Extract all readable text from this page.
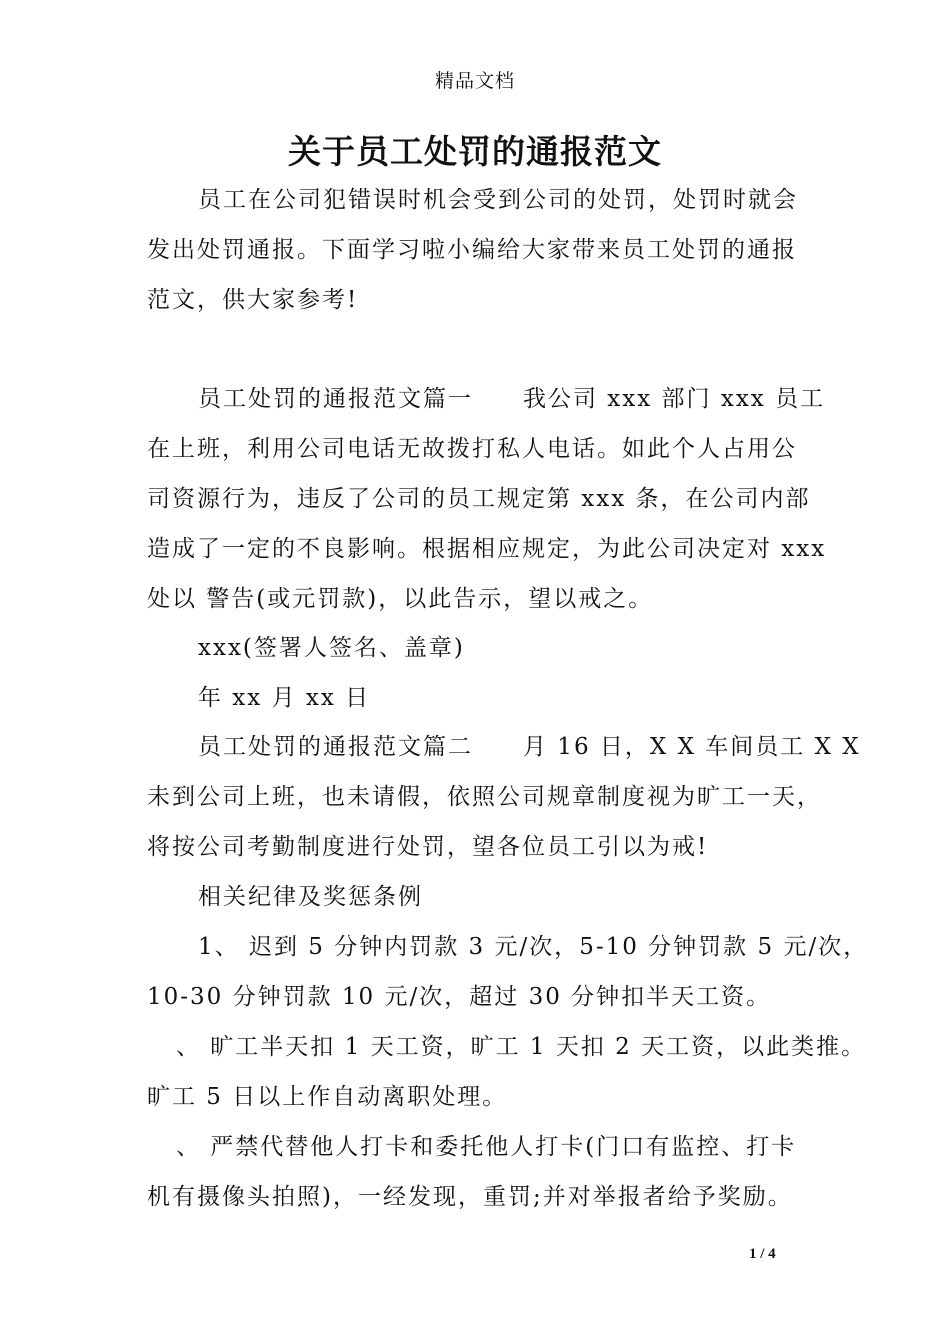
精品文档
关于员工处罚的通报范文
员工在公司犯错误时机会受到公司的处罚，处罚时就会
发出处罚通报。下面学习啦小编给大家带来员工处罚的通报
范文，供大家参考!
员工处罚的通报范文篇一　　我公司 xxx 部门 xxx 员工
在上班，利用公司电话无故拨打私人电话。如此个人占用公
司资源行为，违反了公司的员工规定第 xxx 条，在公司内部
造成了一定的不良影响。根据相应规定，为此公司决定对 xxx
处以 警告(或元罚款)，以此告示，望以戒之。
xxx(签署人签名、盖章)
年 xx 月 xx 日
员工处罚的通报范文篇二　　月 16 日，X X 车间员工 X X
未到公司上班，也未请假，依照公司规章制度视为旷工一天，
将按公司考勤制度进行处罚，望各位员工引以为戒!
相关纪律及奖惩条例
1、 迟到 5 分钟内罚款 3 元/次，5-10 分钟罚款 5 元/次，
10-30 分钟罚款 10 元/次，超过 30 分钟扣半天工资。
、 旷工半天扣 1 天工资，旷工 1 天扣 2 天工资，以此类推。
旷工 5 日以上作自动离职处理。
、 严禁代替他人打卡和委托他人打卡(门口有监控、打卡
机有摄像头拍照)，一经发现，重罚;并对举报者给予奖励。
1 / 4
